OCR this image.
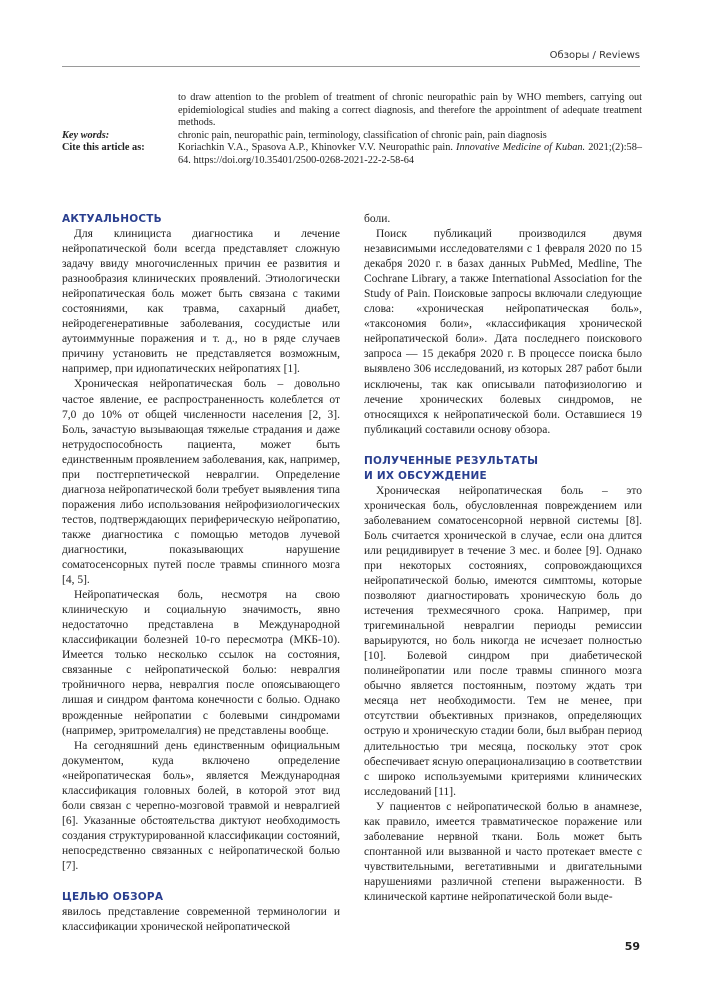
Обзоры / Reviews
to draw attention to the problem of treatment of chronic neuropathic pain by WHO members, carrying out epidemiological studies and making a correct diagnosis, and therefore the appointment of adequate treatment methods.
Key words:	chronic pain, neuropathic pain, terminology, classification of chronic pain, pain diagnosis
Cite this article as:	Koriachkin V.A., Spasova A.P., Khinovker V.V. Neuropathic pain. Innovative Medicine of Kuban. 2021;(2):58–64. https://doi.org/10.35401/2500-0268-2021-22-2-58-64
АКТУАЛЬНОСТЬ

Для клинициста диагностика и лечение нейропатической боли всегда представляет сложную задачу ввиду многочисленных причин ее развития и разнообразия клинических проявлений. Этиологически нейропатическая боль может быть связана с такими состояниями, как травма, сахарный диабет, нейродегенеративные заболевания, сосудистые или аутоиммунные поражения и т. д., но в ряде случаев причину установить не представляется возможным, например, при идиопатических нейропатиях [1].

Хроническая нейропатическая боль – довольно частое явление, ее распространенность колеблется от 7,0 до 10% от общей численности населения [2, 3]. Боль, зачастую вызывающая тяжелые страдания и даже нетрудоспособность пациента, может быть единственным проявлением заболевания, как, например, при постгерпетической невралгии. Определение диагноза нейропатической боли требует выявления типа поражения либо использования нейрофизиологических тестов, подтверждающих периферическую нейропатию, также диагностика с помощью методов лучевой диагностики, показывающих нарушение соматосенсорных путей после травмы спинного мозга [4, 5].

Нейропатическая боль, несмотря на свою клиническую и социальную значимость, явно недостаточно представлена в Международной классификации болезней 10-го пересмотра (МКБ-10). Имеется только несколько ссылок на состояния, связанные с нейропатической болью: невралгия тройничного нерва, невралгия после опоясывающего лишая и синдром фантома конечности с болью. Однако врожденные нейропатии с болевыми синдромами (например, эритромелалгия) не представлены вообще.

На сегодняшний день единственным официальным документом, куда включено определение «нейропатическая боль», является Международная классификация головных болей, в которой этот вид боли связан с черепно-мозговой травмой и невралгией [6]. Указанные обстоятельства диктуют необходимость создания структурированной классификации состояний, непосредственно связанных с нейропатической болью [7].

ЦЕЛЬЮ ОБЗОРА

явилось представление современной терминологии и классификации хронической нейропатической

боли.

Поиск публикаций производился двумя независимыми исследователями с 1 февраля 2020 по 15 декабря 2020 г. в базах данных PubMed, Medline, The Cochrane Library, а также International Association for the Study of Pain. Поисковые запросы включали следующие слова: «хроническая нейропатическая боль», «таксономия боли», «классификация хронической нейропатической боли». Дата последнего поискового запроса — 15 декабря 2020 г. В процессе поиска было выявлено 306 исследований, из которых 287 работ были исключены, так как описывали патофизиологию и лечение хронических болевых синдромов, не относящихся к нейропатической боли. Оставшиеся 19 публикаций составили основу обзора.

ПОЛУЧЕННЫЕ РЕЗУЛЬТАТЫ
И ИХ ОБСУЖДЕНИЕ

Хроническая нейропатическая боль – это хроническая боль, обусловленная повреждением или заболеванием соматосенсорной нервной системы [8]. Боль считается хронической в случае, если она длится или рецидивирует в течение 3 мес. и более [9]. Однако при некоторых состояниях, сопровождающихся нейропатической болью, имеются симптомы, которые позволяют диагностировать хроническую боль до истечения трехмесячного срока. Например, при тригеминальной невралгии периоды ремиссии варьируются, но боль никогда не исчезает полностью [10]. Болевой синдром при диабетической полинейропатии или после травмы спинного мозга обычно является постоянным, поэтому ждать три месяца нет необходимости. Тем не менее, при отсутствии объективных признаков, определяющих острую и хроническую стадии боли, был выбран период длительностью три месяца, поскольку этот срок обеспечивает ясную операционализацию в соответствии с широко используемыми критериями клинических исследований [11].

У пациентов с нейропатической болью в анамнезе, как правило, имеется травматическое поражение или заболевание нервной ткани. Боль может быть спонтанной или вызванной и часто протекает вместе с чувствительными, вегетативными и двигательными нарушениями различной степени выраженности. В клинической картине нейропатической боли выде-

59
